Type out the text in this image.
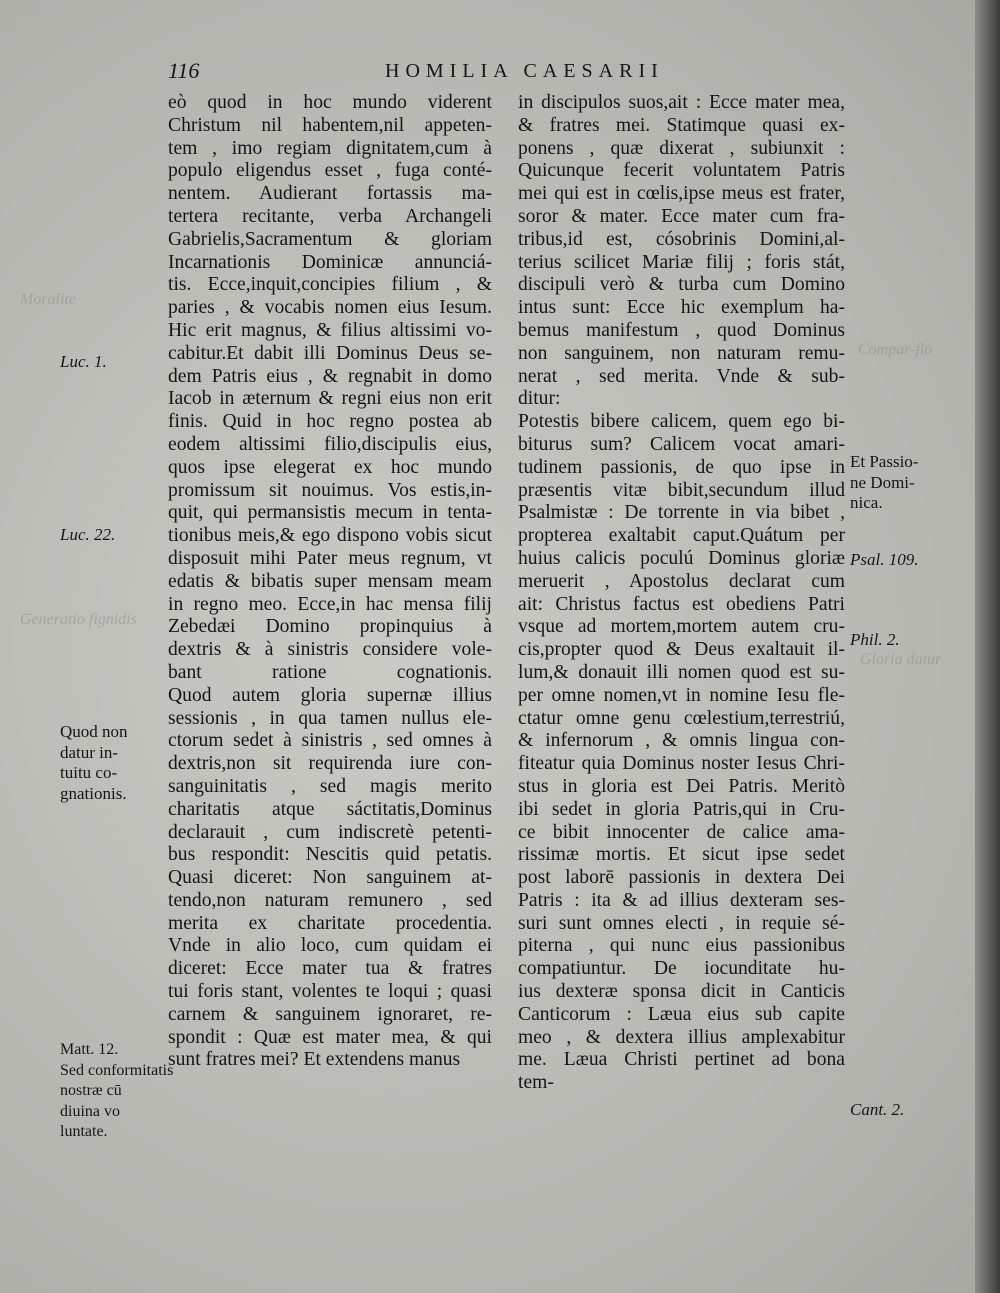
Moralite
Generatio fignidis
Compar-fio
Gloria datur
116	HOMILIA CAESARII
eò quod in hoc mundo viderent
Christum nil habentem,nil appeten-
tem , imo regiam dignitatem,cum à
populo eligendus esset , fuga conté-
nentem. Audierant fortassis ma-
tertera recitante, verba Archangeli
Gabrielis,Sacramentum & gloriam
Incarnationis Dominicæ annunciá-
tis. Ecce,inquit,concipies filium , &
paries , & vocabis nomen eius Iesum.
Hic erit magnus, & filius altissimi vo-
cabitur.Et dabit illi Dominus Deus se-
dem Patris eius , & regnabit in domo
Iacob in æternum & regni eius non erit
finis. Quid in hoc regno postea ab
eodem altissimi filio,discipulis eius,
quos ipse elegerat ex hoc mundo
promissum sit nouimus. Vos estis,in-
quit, qui permansistis mecum in tenta-
tionibus meis,& ego dispono vobis sicut
disposuit mihi Pater meus regnum, vt
edatis & bibatis super mensam meam
in regno meo. Ecce,in hac mensa filij
Zebedæi Domino propinquius à
dextris & à sinistris considere vole-
bant ratione cognationis.
Quod autem gloria supernæ illius
sessionis , in qua tamen nullus ele-
ctorum sedet à sinistris , sed omnes à
dextris,non sit requirenda iure con-
sanguinitatis , sed magis merito
charitatis atque sáctitatis,Dominus
declarauit , cum indiscretè petenti-
bus respondit: Nescitis quid petatis.
Quasi diceret: Non sanguinem at-
tendo,non naturam remunero , sed
merita ex charitate procedentia.
Vnde in alio loco, cum quidam ei
diceret: Ecce mater tua & fratres
tui foris stant, volentes te loqui ; quasi
carnem & sanguinem ignorare͏t, re-
spondit : Quæ est mater mea, & qui
sunt fratres mei? Et extendens manus
in discipulos suos,ait : Ecce mater mea,
& fratres mei. Statimque quasi ex-
ponens , quæ dixerat , subiunxit :
Quicunque fecerit voluntatem Patris
mei qui est in cœlis,ipse meus est frater,
soror & mater. Ecce mater cum fra-
tribus,id est, cósobrinis Domini,al-
terius scilicet Mariæ filij ; foris stát,
discipuli verò & turba cum Domino
intus sunt: Ecce hic exemplum ha-
bemus manifestum , quod Dominus
non sanguinem, non naturam remu-
nerat , sed merita. Vnde & sub-
ditur:
Potestis bibere calicem, quem ego bi-
biturus sum? Calicem vocat amari-
tudinem passionis, de quo ipse in
præsentis vitæ bibit,secundum illud
Psalmistæ : De torrente in via bibet ,
propterea exaltabit caput.Quátum per
huius calicis poculú Dominus gloriæ
meruerit , Apostolus declarat cum
ait: Christus factus est obediens Patri
vsque ad mortem,mortem autem cru-
cis,propter quod & Deus exaltauit il-
lum,& donauit illi nomen quod est su-
per omne nomen,vt in nomine Iesu fle-
ctatur omne genu cœlestium,terrestriú,
& infernorum , & omnis lingua con-
fiteatur quia Dominus noster Iesus Chri-
stus in gloria est Dei Patris. Meritò
ibi sedet in gloria Patris,qui in Cru-
ce bibit innocenter de calice ama-
rissimæ mortis. Et sicut ipse sedet
post laborē passionis in dextera Dei
Patris : ita & ad illius dexteram ses-
suri sunt omnes electi , in requie sé-
piterna , qui nunc eius passionibus
compatiuntur. De iocunditate hu-
ius dexteræ sponsa dicit in Canticis
Canticorum : Læua eius sub capite
meo , & dextera illius amplexabitur
me. Læua Christi pertinet ad bona
tem-
Luc. 1.
Luc. 22.
Quod non
datur in-
tuitu co-
gnationis.
Matt. 12.
Sed conformitatis
nostræ cū
diuina vo
luntate.
Et Passio-
ne Domi-
nica.
Psal. 109.
Phil. 2.
Cant. 2.
